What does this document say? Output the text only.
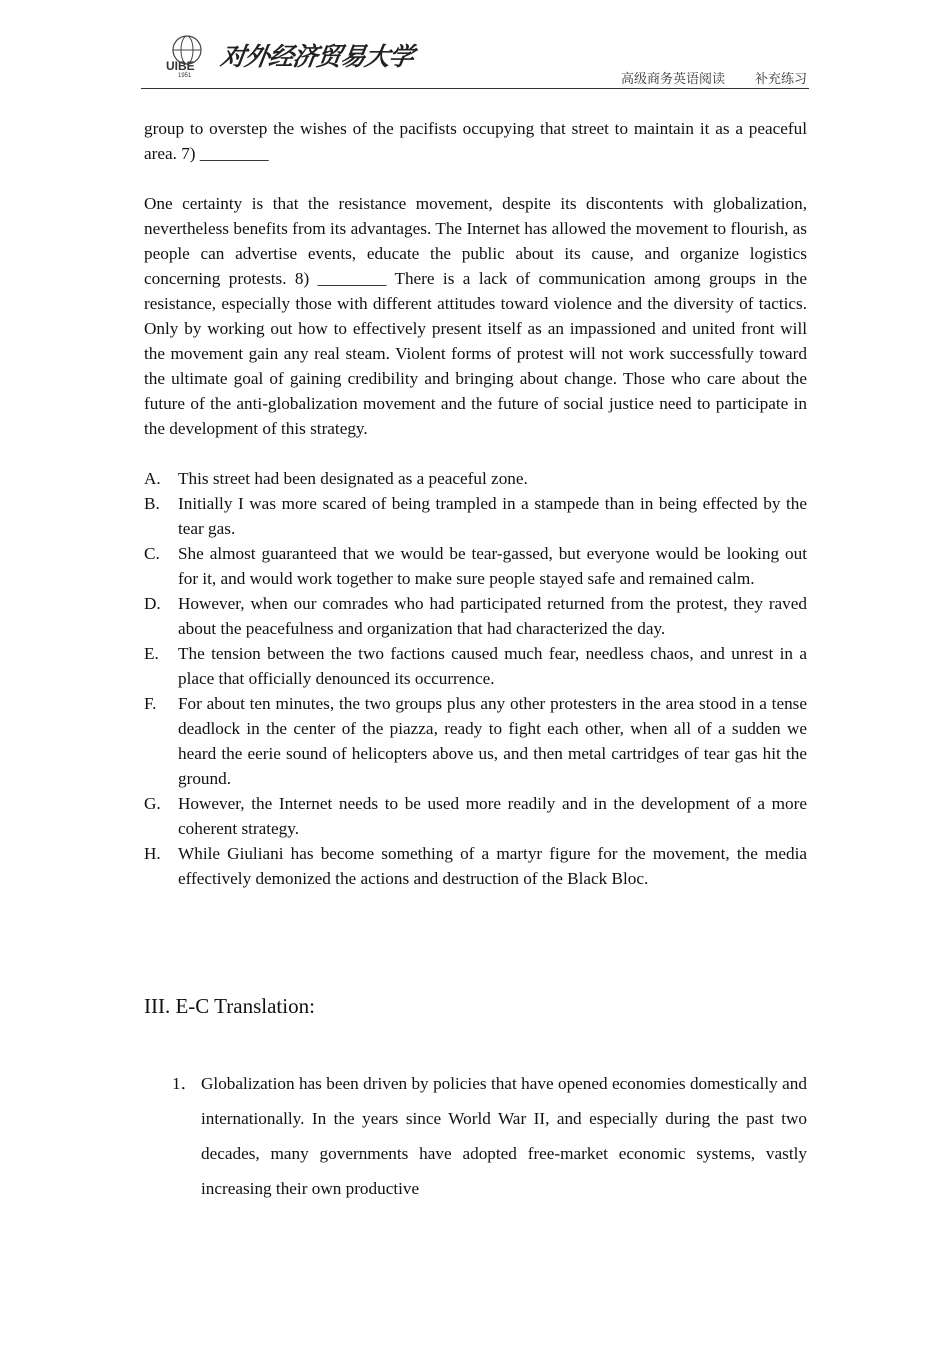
UIBE
1951
对外经济贸易大学
高级商务英语阅读 补充练习

group to overstep the wishes of the pacifists occupying that street to maintain it as a peaceful area. 7) ________

One certainty is that the resistance movement, despite its discontents with globalization, nevertheless benefits from its advantages. The Internet has allowed the movement to flourish, as people can advertise events, educate the public about its cause, and organize logistics concerning protests. 8) ________ There is a lack of communication among groups in the resistance, especially those with different attitudes toward violence and the diversity of tactics. Only by working out how to effectively present itself as an impassioned and united front will the movement gain any real steam. Violent forms of protest will not work successfully toward the ultimate goal of gaining credibility and bringing about change. Those who care about the future of the anti-globalization movement and the future of social justice need to participate in the development of this strategy.

A.	This street had been designated as a peaceful zone.
B.	Initially I was more scared of being trampled in a stampede than in being effected by the tear gas.
C.	She almost guaranteed that we would be tear-gassed, but everyone would be looking out for it, and would work together to make sure people stayed safe and remained calm.
D.	However, when our comrades who had participated returned from the protest, they raved about the peacefulness and organization that had characterized the day.
E.	The tension between the two factions caused much fear, needless chaos, and unrest in a place that officially denounced its occurrence.
F.	For about ten minutes, the two groups plus any other protesters in the area stood in a tense deadlock in the center of the piazza, ready to fight each other, when all of a sudden we heard the eerie sound of helicopters above us, and then metal cartridges of tear gas hit the ground.
G.	However, the Internet needs to be used more readily and in the development of a more coherent strategy.
H.	While Giuliani has become something of a martyr figure for the movement, the media effectively demonized the actions and destruction of the Black Bloc.
III. E-C Translation:
1． Globalization has been driven by policies that have opened economies domestically and internationally. In the years since World War II, and especially during the past two decades, many governments have adopted free-market economic systems, vastly increasing their own productive
